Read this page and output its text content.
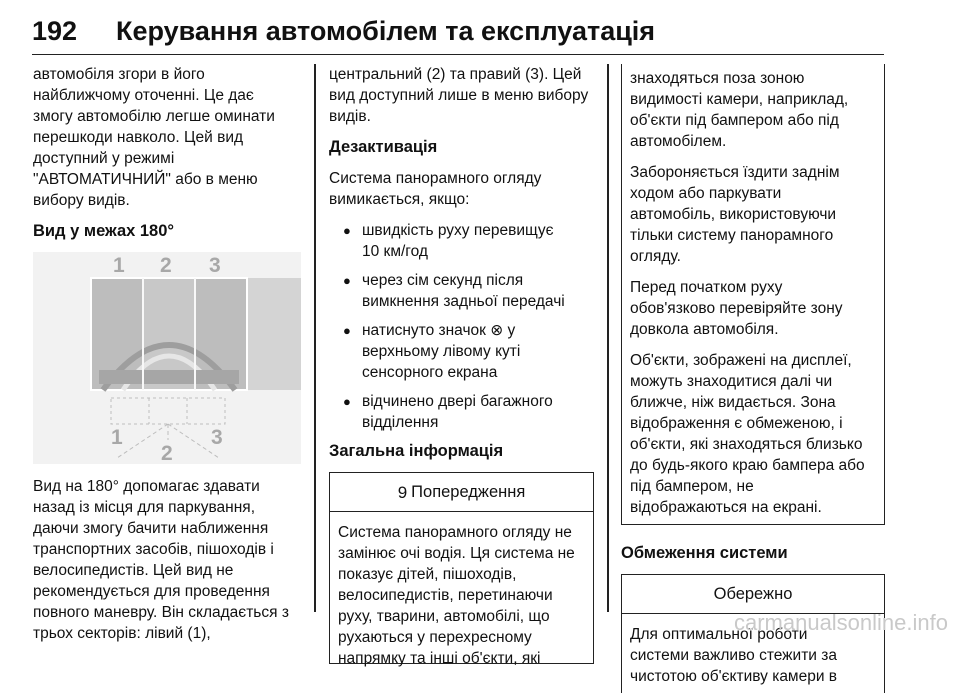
192 Керування автомобілем та експлуатація

автомобіля згори в його
найближчому оточенні. Це дає
змогу автомобілю легше оминати
перешкоди навколо. Цей вид
доступний у режимі
"АВТОМАТИЧНИЙ" або в меню
вибору видів.

Вид у межах 180°
1 2 3
1
2
3

Вид на 180° допомагає здавати
назад із місця для паркування,
даючи змогу бачити наближення
транспортних засобів, пішоходів і
велосипедистів. Цей вид не
рекомендується для проведення
повного маневру. Він складається з
трьох секторів: лівий (1),

центральний (2) та правий (3). Цей
вид доступний лише в меню вибору
видів.

Дезактивація

Система панорамного огляду
вимикається, якщо:

● швидкість руху перевищує
10 км/год
● через сім секунд після
вимкнення задньої передачі
● натиснуто значок ⊗ у
верхньому лівому куті
сенсорного екрана
● відчинено двері багажного
відділення
Загальна інформація
9 Попередження
Система панорамного огляду не
замінює очі водія. Ця система не
показує дітей, пішоходів,
велосипедистів, перетинаючи
руху, тварини, автомобілі, що
рухаються у перехресному
напрямку та інші об'єкти, які

знаходяться поза зоною
видимості камери, наприклад,
об'єкти під бампером або під
автомобілем.

Забороняється їздити заднім
ходом або паркувати
автомобіль, використовуючи
тільки систему панорамного
огляду.

Перед початком руху
обов'язково перевіряйте зону
довкола автомобіля.

Об'єкти, зображені на дисплеї,
можуть знаходитися далі чи
ближче, ніж видається. Зона
відображення є обмеженою, і
об'єкти, які знаходяться близько
до будь-якого краю бампера або
під бампером, не
відображаються на екрані.

Обмеження системи
Обережно
Для оптимальної роботи
системи важливо стежити за
чистотою об'єктиву камери в
carmanualsonline.info
